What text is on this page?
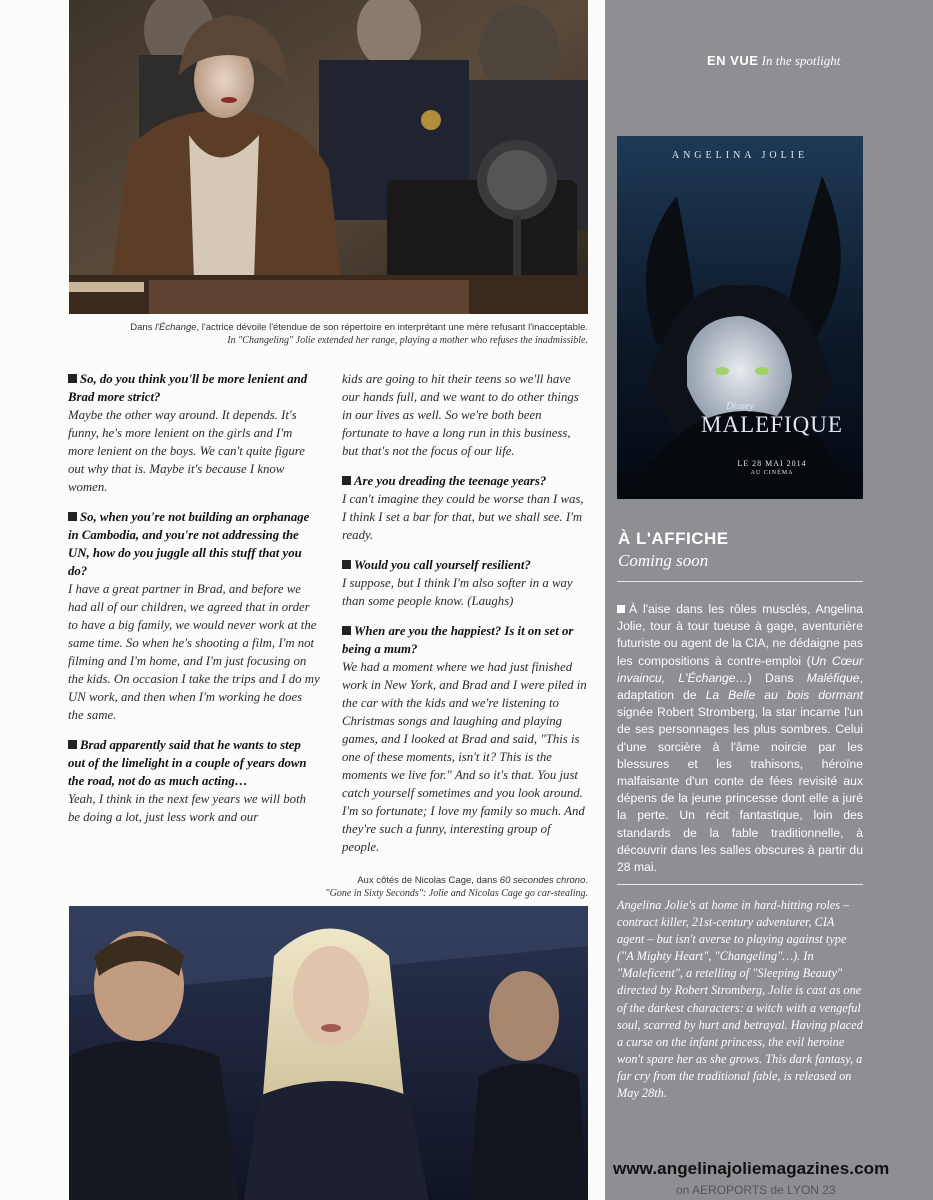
Dans l'Échange, l'actrice dévoile l'étendue de son répertoire en interprétant une mère refusant l'inacceptable.
In "Changeling" Jolie extended her range, playing a mother who refuses the inadmissible.
So, do you think you'll be more lenient and Brad more strict?
Maybe the other way around. It depends. It's funny, he's more lenient on the girls and I'm more lenient on the boys. We can't quite figure out why that is. Maybe it's because I know women.
So, when you're not building an orphanage in Cambodia, and you're not addressing the UN, how do you juggle all this stuff that you do?
I have a great partner in Brad, and before we had all of our children, we agreed that in order to have a big family, we would never work at the same time. So when he's shooting a film, I'm not filming and I'm home, and I'm just focusing on the kids. On occasion I take the trips and I do my UN work, and then when I'm working he does the same.
Brad apparently said that he wants to step out of the limelight in a couple of years down the road, not do as much acting…
Yeah, I think in the next few years we will both be doing a lot, just less work and our
kids are going to hit their teens so we'll have our hands full, and we want to do other things in our lives as well. So we're both been fortunate to have a long run in this business, but that's not the focus of our life.
Are you dreading the teenage years?
I can't imagine they could be worse than I was, I think I set a bar for that, but we shall see. I'm ready.
Would you call yourself resilient?
I suppose, but I think I'm also softer in a way than some people know. (Laughs)
When are you the happiest? Is it on set or being a mum?
We had a moment where we had just finished work in New York, and Brad and I were piled in the car with the kids and we're listening to Christmas songs and laughing and playing games, and I looked at Brad and said, "This is one of these moments, isn't it? This is the moments we live for." And so it's that. You just catch yourself sometimes and you look around. I'm so fortunate; I love my family so much. And they're such a funny, interesting group of people.
Aux côtés de Nicolas Cage, dans 60 secondes chrono.
"Gone in Sixty Seconds": Jolie and Nicolas Cage go car-stealing.
EN VUE In the spotlight
ANGELINA JOLIE
Disney
MALEFIQUE
LE 28 MAI 2014
AU CINÉMA
À L'AFFICHE
Coming soon
À l'aise dans les rôles musclés, Angelina Jolie, tour à tour tueuse à gage, aventurière futuriste ou agent de la CIA, ne dédaigne pas les compositions à contre-emploi (Un Cœur invaincu, L'Échange…) Dans Maléfique, adaptation de La Belle au bois dormant signée Robert Stromberg, la star incarne l'un de ses personnages les plus sombres. Celui d'une sorcière à l'âme noircie par les blessures et les trahisons, héroïne malfaisante d'un conte de fées revisité aux dépens de la jeune princesse dont elle a juré la perte. Un récit fantastique, loin des standards de la fable traditionnelle, à découvrir dans les salles obscures à partir du 28 mai.
Angelina Jolie's at home in hard-hitting roles – contract killer, 21st-century adventurer, CIA agent – but isn't averse to playing against type ("A Mighty Heart", "Changeling"…). In "Maleficent", a retelling of "Sleeping Beauty" directed by Robert Stromberg, Jolie is cast as one of the darkest characters: a witch with a vengeful soul, scarred by hurt and betrayal. Having placed a curse on the infant princess, the evil heroine won't spare her as she grows. This dark fantasy, a far cry from the traditional fable, is released on May 28th.
on AEROPORTS de LYON 23
www.angelinajoliemagazines.com
